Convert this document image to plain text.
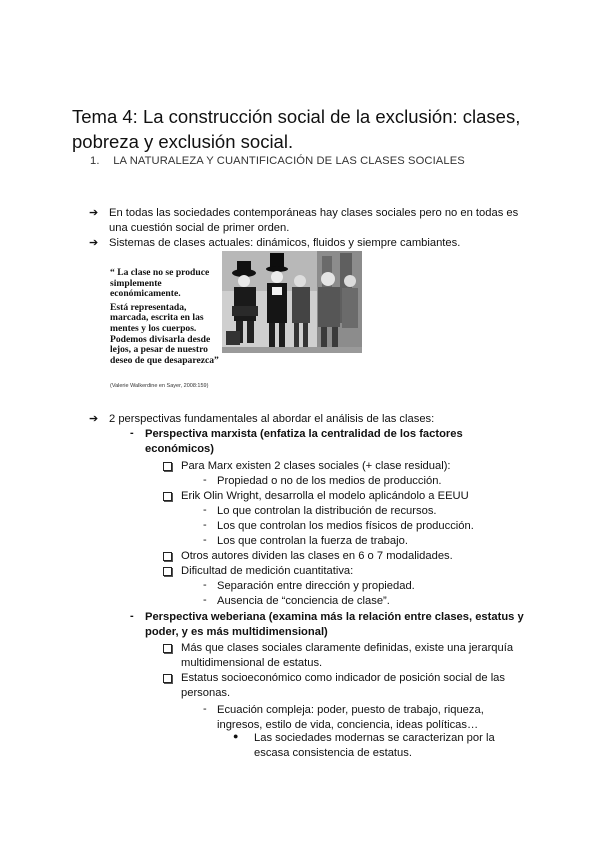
Tema 4: La construcción social de la exclusión: clases, pobreza y exclusión social.
1. LA NATURALEZA Y CUANTIFICACIÓN DE LAS CLASES SOCIALES
➔ En todas las sociedades contemporáneas hay clases sociales pero no en todas es
una cuestión social de primer orden.
➔ Sistemas de clases actuales: dinámicos, fluidos y siempre cambiantes.

“ La clase no se produce simplemente económicamente.

Está representada, marcada, escrita en las mentes y los cuerpos. Podemos divisarla desde lejos, a pesar de nuestro deseo de que desaparezca”

(Valerie Walkerdine en Sayer, 2008:159)
➔ 2 perspectivas fundamentales al abordar el análisis de las clases:
- Perspectiva marxista (enfatiza la centralidad de los factores
económicos)
Para Marx existen 2 clases sociales (+ clase residual):
- Propiedad o no de los medios de producción.
Erik Olin Wright, desarrolla el modelo aplicándolo a EEUU
- Lo que controlan la distribución de recursos.
- Los que controlan los medios físicos de producción.
- Los que controlan la fuerza de trabajo.
Otros autores dividen las clases en 6 o 7 modalidades.
Dificultad de medición cuantitativa:
- Separación entre dirección y propiedad.
- Ausencia de “conciencia de clase”.
- Perspectiva weberiana (examina más la relación entre clases, estatus y
poder, y es más multidimensional)
Más que clases sociales claramente definidas, existe una jerarquía
multidimensional de estatus.
Estatus socioeconómico como indicador de posición social de las
personas.
- Ecuación compleja: poder, puesto de trabajo, riqueza,
ingresos, estilo de vida, conciencia, ideas políticas…
● Las sociedades modernas se caracterizan por la
escasa consistencia de estatus.
